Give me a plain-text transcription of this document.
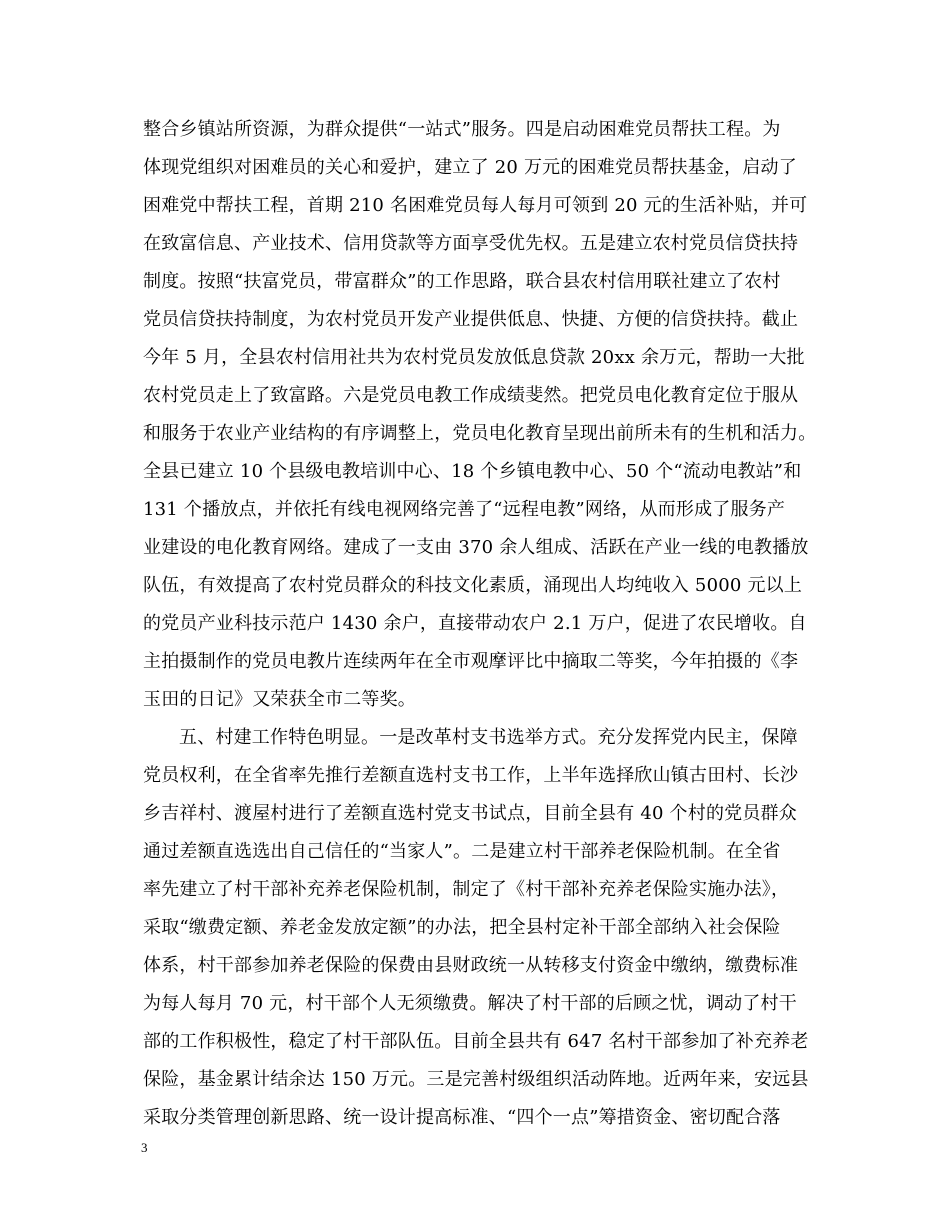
整合乡镇站所资源，为群众提供“一站式”服务。四是启动困难党员帮扶工程。为
体现党组织对困难员的关心和爱护，建立了 20 万元的困难党员帮扶基金，启动了
困难党中帮扶工程，首期 210 名困难党员每人每月可领到 20 元的生活补贴，并可
在致富信息、产业技术、信用贷款等方面享受优先权。五是建立农村党员信贷扶持
制度。按照“扶富党员，带富群众”的工作思路，联合县农村信用联社建立了农村
党员信贷扶持制度，为农村党员开发产业提供低息、快捷、方便的信贷扶持。截止
今年 5 月，全县农村信用社共为农村党员发放低息贷款 20xx 余万元，帮助一大批
农村党员走上了致富路。六是党员电教工作成绩斐然。把党员电化教育定位于服从
和服务于农业产业结构的有序调整上，党员电化教育呈现出前所未有的生机和活力。
全县已建立 10 个县级电教培训中心、18 个乡镇电教中心、50 个“流动电教站”和
131 个播放点，并依托有线电视网络完善了“远程电教”网络，从而形成了服务产
业建设的电化教育网络。建成了一支由 370 余人组成、活跃在产业一线的电教播放
队伍，有效提高了农村党员群众的科技文化素质，涌现出人均纯收入 5000 元以上
的党员产业科技示范户 1430 余户，直接带动农户 2.1 万户，促进了农民增收。自
主拍摄制作的党员电教片连续两年在全市观摩评比中摘取二等奖，今年拍摄的《李
玉田的日记》又荣获全市二等奖。
五、村建工作特色明显。一是改革村支书选举方式。充分发挥党内民主，保障
党员权利，在全省率先推行差额直选村支书工作，上半年选择欣山镇古田村、长沙
乡吉祥村、渡屋村进行了差额直选村党支书试点，目前全县有 40 个村的党员群众
通过差额直选选出自己信任的“当家人”。二是建立村干部养老保险机制。在全省
率先建立了村干部补充养老保险机制，制定了《村干部补充养老保险实施办法》，
采取“缴费定额、养老金发放定额”的办法，把全县村定补干部全部纳入社会保险
体系，村干部参加养老保险的保费由县财政统一从转移支付资金中缴纳，缴费标准
为每人每月 70 元，村干部个人无须缴费。解决了村干部的后顾之忧，调动了村干
部的工作积极性，稳定了村干部队伍。目前全县共有 647 名村干部参加了补充养老
保险，基金累计结余达 150 万元。三是完善村级组织活动阵地。近两年来，安远县
采取分类管理创新思路、统一设计提高标准、“四个一点”筹措资金、密切配合落
3
